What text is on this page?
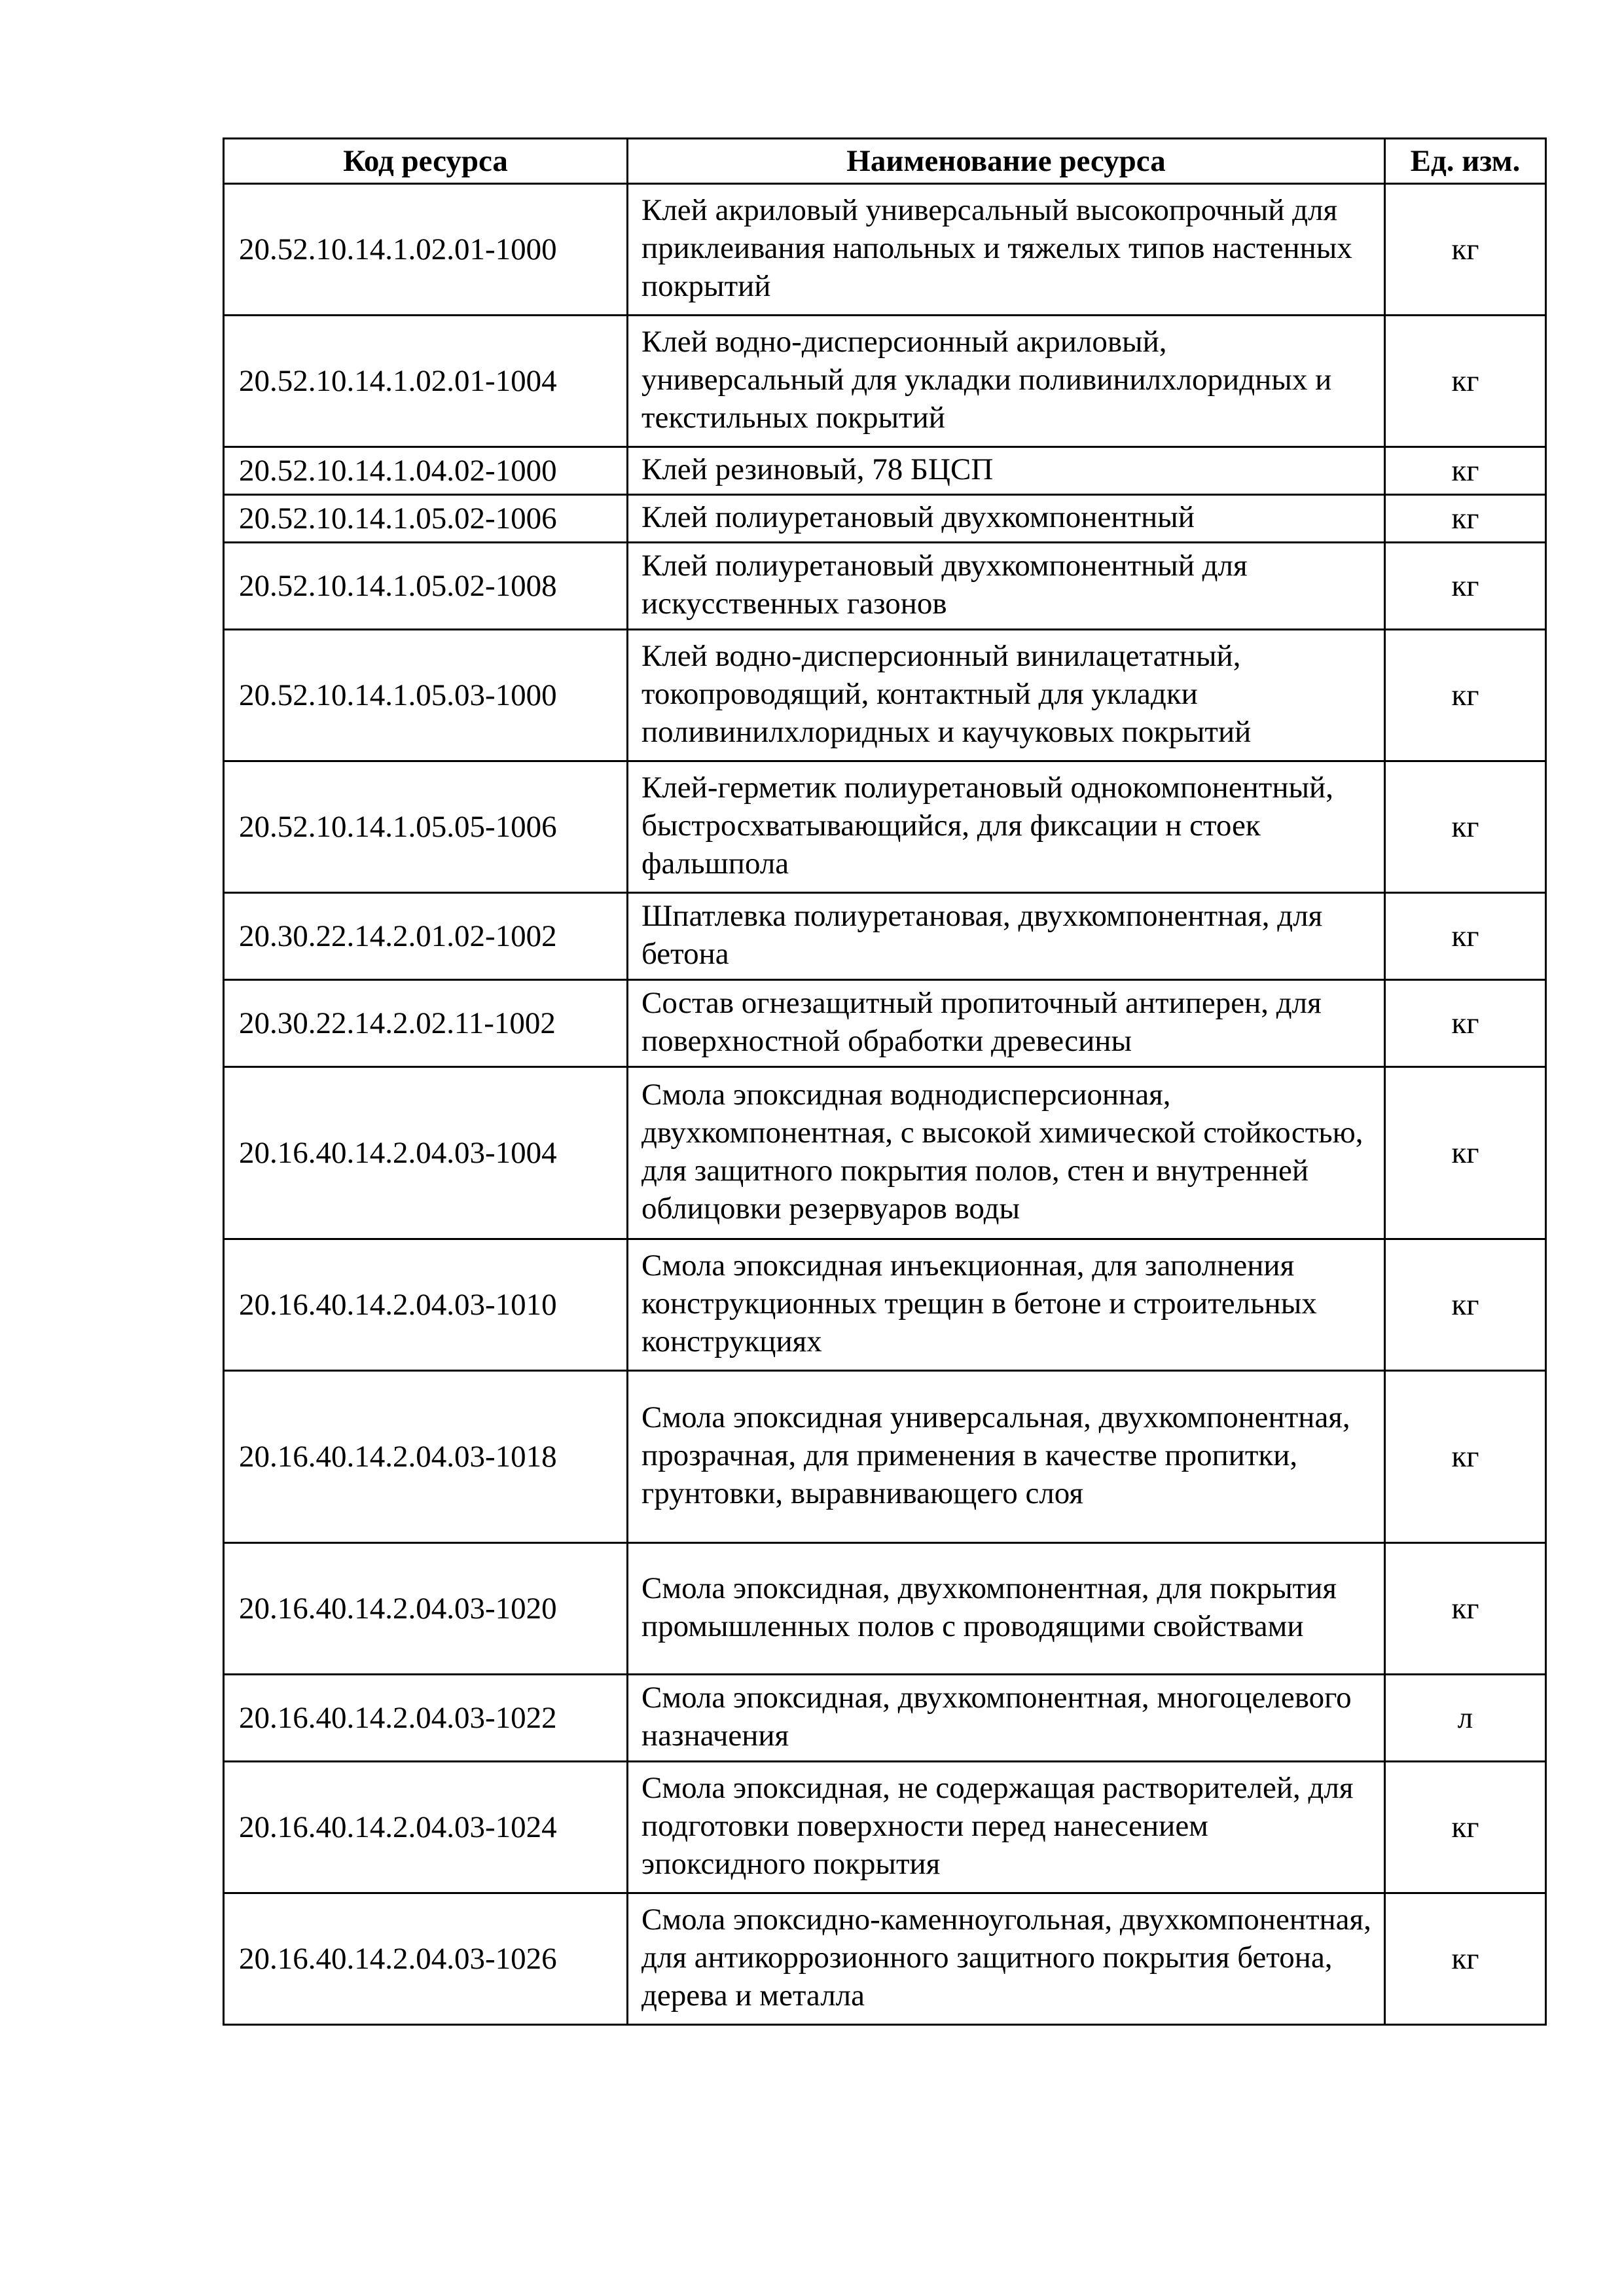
Код ресурса	Наименование ресурса	Ед. изм.
20.52.10.14.1.02.01-1000	Клей акриловый универсальный высокопрочный для приклеивания напольных и тяжелых типов настенных покрытий	кг
20.52.10.14.1.02.01-1004	Клей водно-дисперсионный акриловый, универсальный для укладки поливинилхлоридных и текстильных покрытий	кг
20.52.10.14.1.04.02-1000	Клей резиновый, 78 БЦСП	кг
20.52.10.14.1.05.02-1006	Клей полиуретановый двухкомпонентный	кг
20.52.10.14.1.05.02-1008	Клей полиуретановый двухкомпонентный для искусственных газонов	кг
20.52.10.14.1.05.03-1000	Клей водно-дисперсионный винилацетатный, токопроводящий, контактный для укладки поливинилхлоридных и каучуковых покрытий	кг
20.52.10.14.1.05.05-1006	Клей-герметик полиуретановый однокомпонентный, быстросхватывающийся, для фиксации н стоек фальшпола	кг
20.30.22.14.2.01.02-1002	Шпатлевка полиуретановая, двухкомпонентная, для бетона	кг
20.30.22.14.2.02.11-1002	Состав огнезащитный пропиточный антиперен, для поверхностной обработки древесины	кг
20.16.40.14.2.04.03-1004	Смола эпоксидная воднодисперсионная, двухкомпонентная, с высокой химической стойкостью, для защитного покрытия полов, стен и внутренней облицовки резервуаров воды	кг
20.16.40.14.2.04.03-1010	Смола эпоксидная инъекционная, для заполнения конструкционных трещин в бетоне и строительных конструкциях	кг
20.16.40.14.2.04.03-1018	Смола эпоксидная универсальная, двухкомпонентная, прозрачная, для применения в качестве пропитки, грунтовки, выравнивающего слоя	кг
20.16.40.14.2.04.03-1020	Смола эпоксидная, двухкомпонентная, для покрытия промышленных полов с проводящими свойствами	кг
20.16.40.14.2.04.03-1022	Смола эпоксидная, двухкомпонентная, многоцелевого назначения	л
20.16.40.14.2.04.03-1024	Смола эпоксидная, не содержащая растворителей, для подготовки поверхности перед нанесением эпоксидного покрытия	кг
20.16.40.14.2.04.03-1026	Смола эпоксидно-каменноугольная, двухкомпонентная, для антикоррозионного защитного покрытия бетона, дерева и металла	кг
